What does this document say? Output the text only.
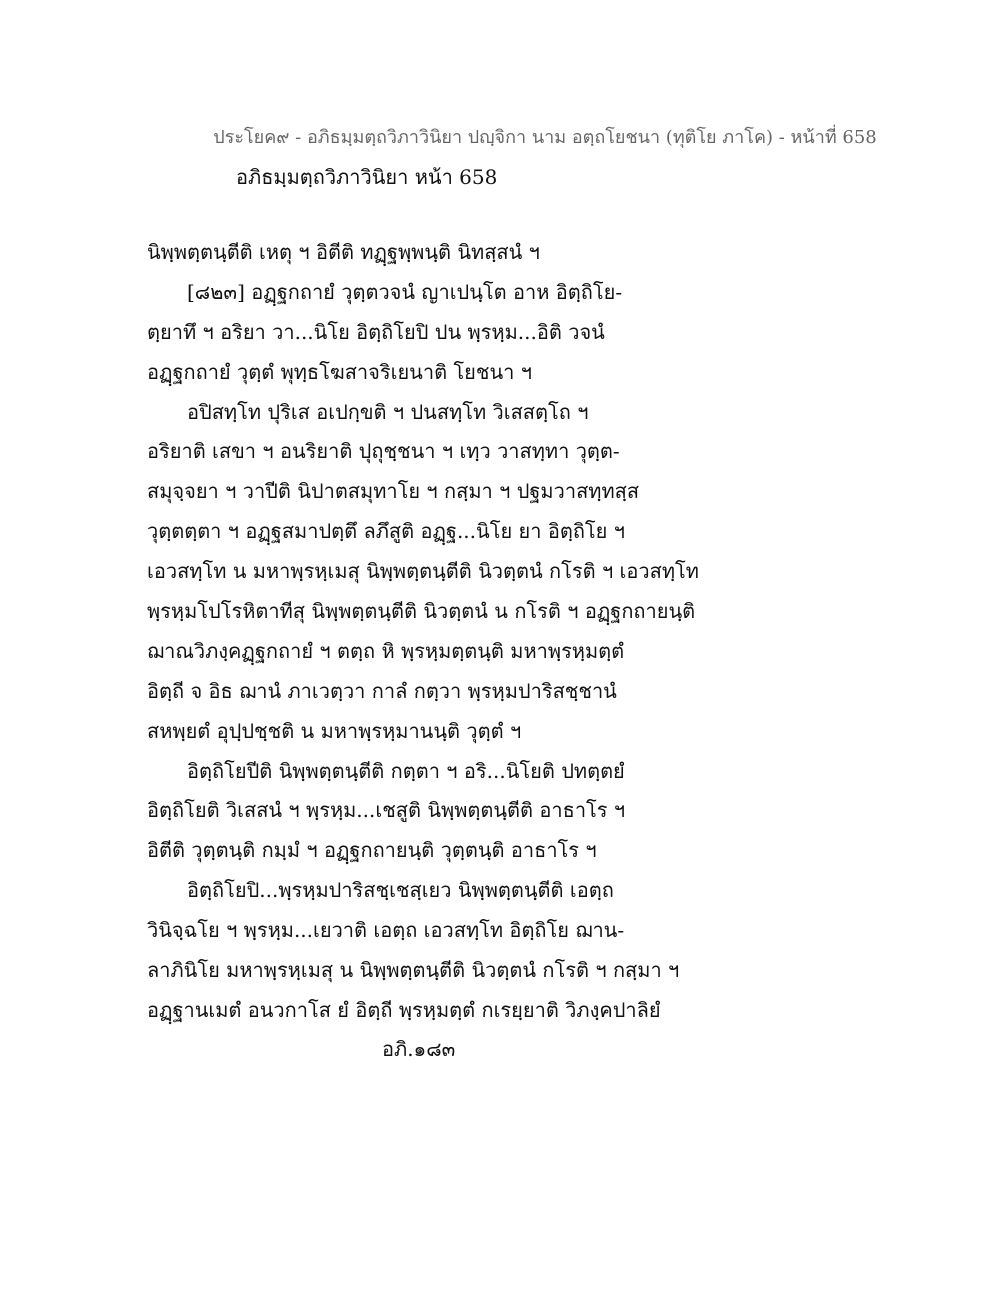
ประโยค๙ - อภิธมฺมตฺถวิภาวินิยา ปญฺจิกา นาม อตฺถโยชนา (ทุติโย ภาโค) - หน้าที่ 658
อภิธมฺมตฺถวิภาวินิยา หน้า 658
นิพฺพตฺตนฺตีติ เหตุ ฯ อิตีติ ทฏฺฐพฺพนฺติ นิทสฺสนํ ฯ
[๘๒๓] อฏฺฐกถายํ วุตฺตวจนํ ญาเปนฺโต อาห อิตฺถิโย-
ตฺยาทึ ฯ อริยา วา...นิโย อิตฺถิโยปิ ปน พฺรหฺม...อิติ วจนํ
อฏฺฐกถายํ วุตฺตํ พุทฺธโฆสาจริเยนาติ โยชนา ฯ
อปิสทฺโท ปุริเส อเปกฺขติ ฯ ปนสทฺโท วิเสสตฺโถ ฯ
อริยาติ เสขา ฯ อนริยาติ ปุถุชฺชนา ฯ เทฺว วาสทฺทา วุตฺต-
สมุจฺจยา ฯ วาปีติ นิปาตสมุทาโย ฯ กสฺมา ฯ ปฐมวาสทฺทสฺส
วุตฺตตฺตา ฯ อฏฺฐสมาปตฺตึ ลภึสูติ อฏฺฐ...นิโย ยา อิตฺถิโย ฯ
เอวสทฺโท น มหาพฺรหฺเมสุ นิพฺพตฺตนฺตีติ นิวตฺตนํ กโรติ ฯ เอวสทฺโท
พฺรหฺมโปโรหิตาทีสุ นิพฺพตฺตนฺตีติ นิวตฺตนํ น กโรติ ฯ อฏฺฐกถายนฺติ
ฌาณวิภงฺคฏฺฐกถายํ ฯ ตตฺถ หิ พฺรหฺมตฺตนฺติ มหาพฺรหฺมตฺตํ
อิตฺถี จ อิธ ฌานํ ภาเวตฺวา กาลํ กตฺวา พฺรหฺมปาริสชฺชานํ
สหพฺยตํ อุปฺปชฺชติ น มหาพฺรหฺมานนฺติ วุตฺตํ ฯ
อิตฺถิโยปีติ นิพฺพตฺตนฺตีติ กตฺตา ฯ อริ...นิโยติ ปทตฺตยํ
อิตฺถิโยติ วิเสสนํ ฯ พฺรหฺม...เชสูติ นิพฺพตฺตนฺตีติ อาธาโร ฯ
อิตีติ วุตฺตนฺติ กมฺมํ ฯ อฏฺฐกถายนฺติ วุตฺตนฺติ อาธาโร ฯ
อิตฺถิโยปิ...พฺรหฺมปาริสชฺเชสฺเยว นิพฺพตฺตนฺตีติ เอตฺถ
วินิจฺฉโย ฯ พฺรหฺม...เยวาติ เอตฺถ เอวสทฺโท อิตฺถิโย ฌาน-
ลาภินิโย มหาพฺรหฺเมสุ น นิพฺพตฺตนฺตีติ นิวตฺตนํ กโรติ ฯ กสฺมา ฯ
อฏฺฐานเมตํ อนวกาโส ยํ อิตฺถี พฺรหฺมตฺตํ กเรยฺยาติ วิภงฺคปาลิยํ
อภิ.๑๘๓
